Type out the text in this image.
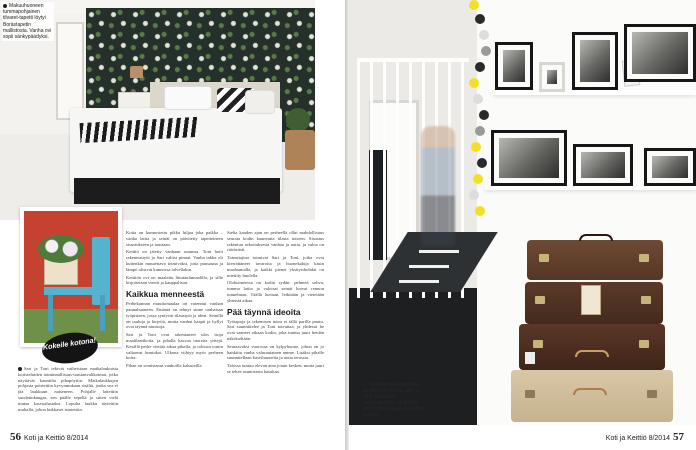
Makuuhuoneen tummapohjainen tilvaret-tapetti löytyi Borästapetin mallistosta. Vanha ovi sopii sänkypäädyksi.
Kokeile kotona!

Sari ja Toni tekivät vaiheistaan matkalaukuista koristeluiden toiminnallisuus-taustanvalikoimat, jotka näyttävät kauniilta pihapöytiin. Matkalaukkujen pohjasta poistettiin kyvynmukaan sisältä, jonka vea ei jää laukkuun naiseneen. Pohjalle laitettiin suodatinkangas, sen päälle sepellä ja sitten vielä mutaa kasvualustaksi. Lopulta laukku täytettiin multalla, johon kukkaset istutettiin.

Kotia on kunnostettu pikku hiljaa joka paikka – vanha lattia ja seinät on päivitetty tapetteineen sisustukseen ja taustaan.

Keittiö on jätetty vanhaan asuunsa. Toni hoiti rakennustyöt ja Sari valitsi pinnat. Vanha takka oli kuitenkin muutettava toimivaksi, jotta puusauna ja lämpö olisivat kunnossa talvellakin.

Keittiön ovi on maalattu liitutaulumaalilla, ja sille kirjoitetaan viestit ja kauppalistat.

Kaikkua menneestä

Perhekunnan muuttomaalaa on vaiennut vanhan pannuhuoneen. Emäntä on tehnyt sinne rauhaisan työpisteen, jossa syntyvät tilaustyöt ja ideat. Seinillä on tauluja ja kirjeitä, mutta vanhat kaapit ja hyllyt ovat täynnä muistoja.

Sari ja Toni ovat rakentaneet ulos isoja maalilaatikoita, ja pihalla kasvaa tuoreita yrttejä. Kesällä perhe viettää aikaa pihalla, ja talvisin tontin valtaavat lumiukot. Ulkona viihtyy myös perheen koira.

Pihan on somistanut vanhoilla kalusteilla.

Sielta kauden ajan on perheellä ollut mahdollisuus seurata kodin kauneutta tilasta toiseen. Sisustus rakentuu sekoituksesta vanhaa ja uutta, ja valoa on riittävästi.

Toteuttajina toimivat Sari ja Toni, jotka ovat kierrättäneet tavaroita ja huonekaluja käsin maalaamalla, ja kaikki pienet yksityiskohdat on mietitty huolella.

Olohuoneessa on kodin sydän: pehmeä sohva, tumma lattia ja valoisat seinät luovat rennon tunnelman. Täällä luetaan, leikitään ja vietetään yhteistä aikaa.

Pää täynnä ideoita

Työtapoja ja tekemisen intoa ei tällä parilla puutu. Sari suunnittelee ja Toni toteuttaa, ja yhdessä he ovat saaneet aikaan kodin, joka tuntuu juuri heidän näköiseltään.

Seuraavaksi vuorossa on kylpyhuone, johon on jo hankittu vanha valurautainen amme. Lisäksi pihalle suunnitellaan kasvihuonetta ja uutta terassia.

Talossa tuntuu olevan aina jotain kesken, mutta juuri se tekee asumisesta hauskaa.

56 Koti ja Keittiö 8/2014
Vanhoja matkalaukkuja on kertynyt monta, sillä ne ovat oivallinen säilytyspaikka. Sisällä on tarvikkeita, kirjoja ja vanhoja tauluja.
Koti ja Keittiö 8/2014 57
